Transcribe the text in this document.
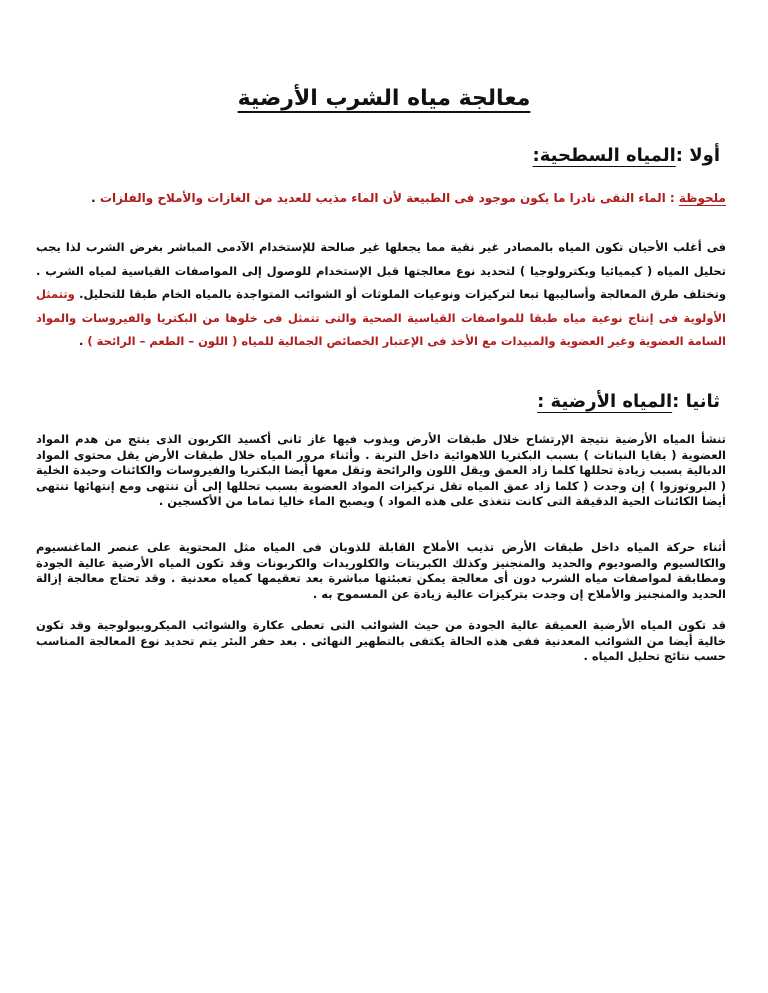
معالجة مياه الشرب الأرضية
أولا :المياه السطحية:

ملحوظة : الماء النقى نادرا ما يكون موجود فى الطبيعة لأن الماء مذيب للعديد من الغازات والأملاح والفلزات .

فى أغلب الأحيان تكون المياه بالمصادر غير نقية مما يجعلها غير صالحة للإستخدام الآدمى المباشر بغرض الشرب لذا يجب تحليل المياه ( كيميائيا وبكترولوجيا ) لتحديد نوع معالجتها قبل الإستخدام للوصول إلى المواصفات القياسية لمياه الشرب . وتختلف طرق المعالجة وأساليبها تبعا لتركيزات ونوعيات الملوثات أو الشوائب المتواجدة بالمياه الخام طبقا للتحليل. وتتمثل الأولوية فى إنتاج نوعية مياه طبقا للمواصفات القياسية الصحية والتى تتمثل فى خلوها من البكتريا والفيروسات والمواد السامة العضوية وغير العضوية والمبيدات مع الأخذ فى الإعتبار الخصائص الجمالية للمياه ( اللون – الطعم – الرائحة ) .

ثانيا :المياه الأرضية :

تنشأ المياه الأرضية نتيجة الإرتشاح خلال طبقات الأرض ويذوب فيها غاز ثانى أكسيد الكربون الذى ينتج من هدم المواد العضوية ( بقايا النباتات ) بسبب البكتريا اللاهوائية داخل التربة . وأثناء مرور المياه خلال طبقات الأرض يقل محتوى المواد الدبالية بسبب زيادة تحللها كلما زاد العمق ويقل اللون والرائحة وتقل معها أيضا البكتريا والفيروسات والكائنات وحيدة الخلية ( البروتوزوا ) إن وجدت ( كلما زاد عمق المياه تقل تركيزات المواد العضوية بسبب تحللها إلى أن تنتهى ومع إنتهائها تنتهى أيضا الكائنات الحية الدقيقة التى كانت تتغذى على هذه المواد ) ويصبح الماء خاليا تماما من الأكسجين .

أثناء حركة المياه داخل طبقات الأرض تذيب الأملاح القابلة للذوبان فى المياه مثل المحتوية على عنصر الماغنسيوم والكالسيوم والصوديوم والحديد والمنجنيز وكذلك الكبريتات والكلوريدات والكربونات وقد تكون المياه الأرضية عالية الجودة ومطابقة لمواصفات مياه الشرب دون أى معالجة يمكن تعبئتها مباشرة بعد تعقيمها كمياه معدنية . وقد تحتاج معالجة إزالة الحديد والمنجنيز والأملاح إن وجدت بتركيزات عالية زيادة عن المسموح به .

قد تكون المياه الأرضية العميقة عالية الجودة من حيث الشوائب التى تعطى عكارة والشوائب الميكروبيولوجية وقد تكون خالية أيضا من الشوائب المعدنية ففى هذه الحالة يكتفى بالتطهير النهائى . بعد حفر البئر يتم تحديد نوع المعالجة المناسب حسب نتائج تحليل المياه .
